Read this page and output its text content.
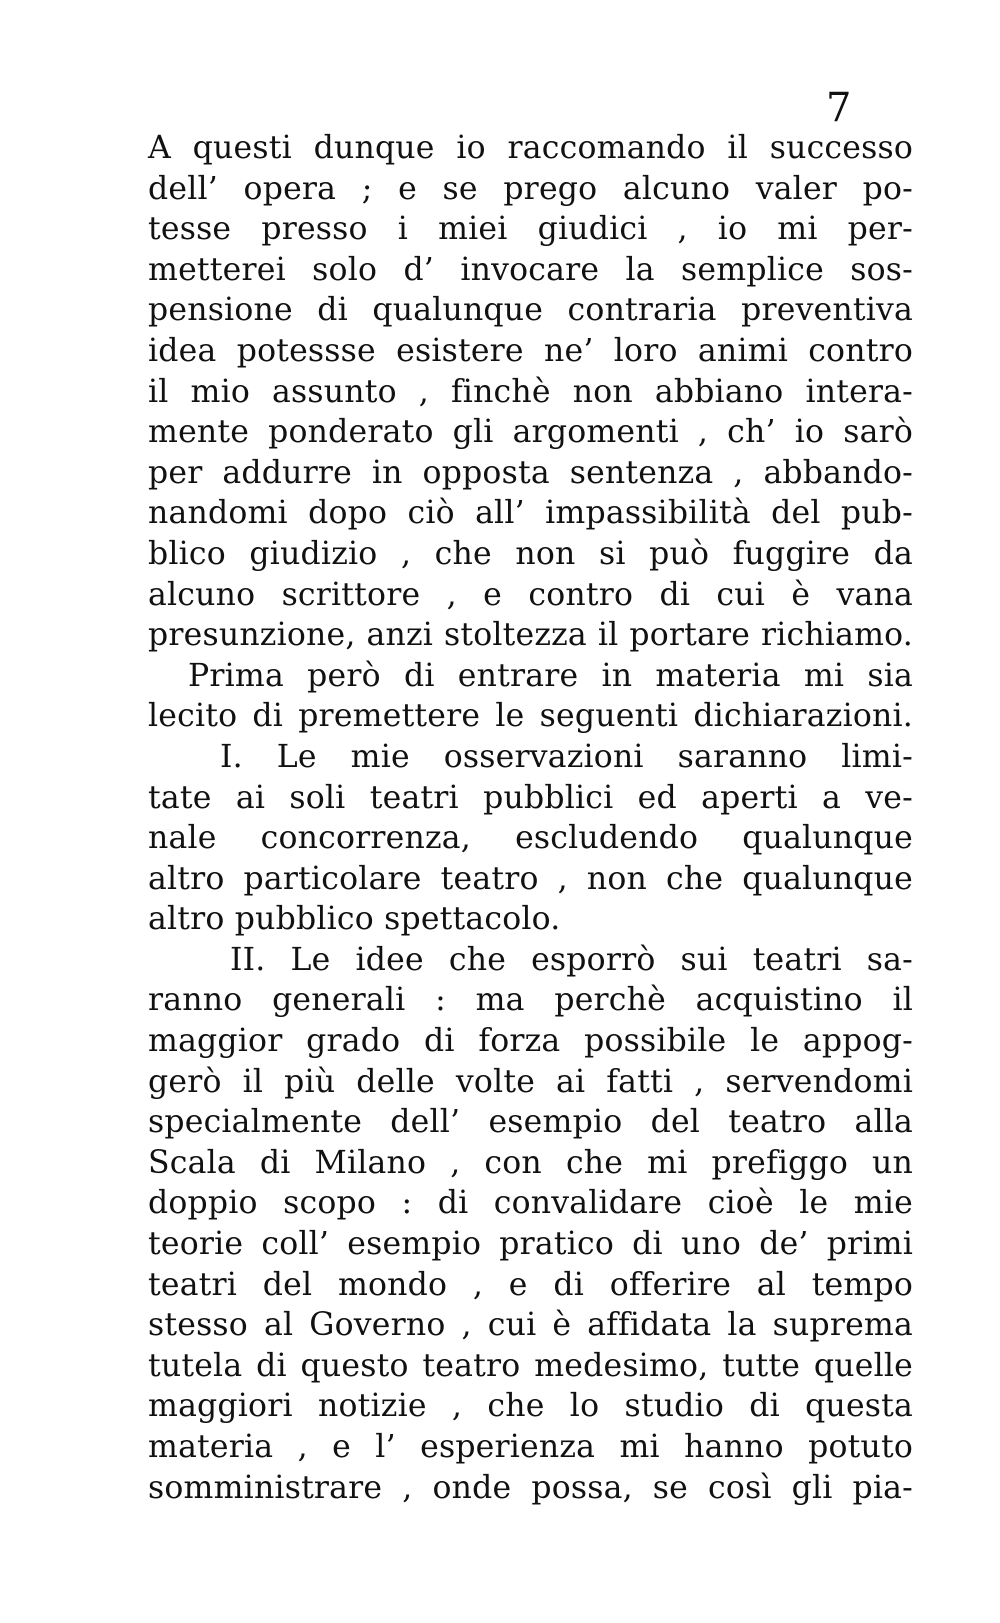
7
A questi dunque io raccomando il successo
dell’ opera ; e se prego alcuno valer po-
tesse presso i miei giudici , io mi per-
metterei solo d’ invocare la semplice sos-
pensione di qualunque contraria preventiva
idea potessse esistere ne’ loro animi contro
il mio assunto , finchè non abbiano intera-
mente ponderato gli argomenti , ch’ io sarò
per addurre in opposta sentenza , abbando-
nandomi dopo ciò all’ impassibilità del pub-
blico giudizio , che non si può fuggire da
alcuno scrittore , e contro di cui è vana
presunzione, anzi stoltezza il portare richiamo.
Prima però di entrare in materia mi sia
lecito di premettere le seguenti dichiarazioni.
I. Le mie osservazioni saranno limi-
tate ai soli teatri pubblici ed aperti a ve-
nale concorrenza, escludendo qualunque
altro particolare teatro , non che qualunque
altro pubblico spettacolo.
II. Le idee che esporrò sui teatri sa-
ranno generali : ma perchè acquistino il
maggior grado di forza possibile le appog-
gerò il più delle volte ai fatti , servendomi
specialmente dell’ esempio del teatro alla
Scala di Milano , con che mi prefiggo un
doppio scopo : di convalidare cioè le mie
teorie coll’ esempio pratico di uno de’ primi
teatri del mondo , e di offerire al tempo
stesso al Governo , cui è affidata la suprema
tutela di questo teatro medesimo, tutte quelle
maggiori notizie , che lo studio di questa
materia , e l’ esperienza mi hanno potuto
somministrare , onde possa, se così gli pia-
